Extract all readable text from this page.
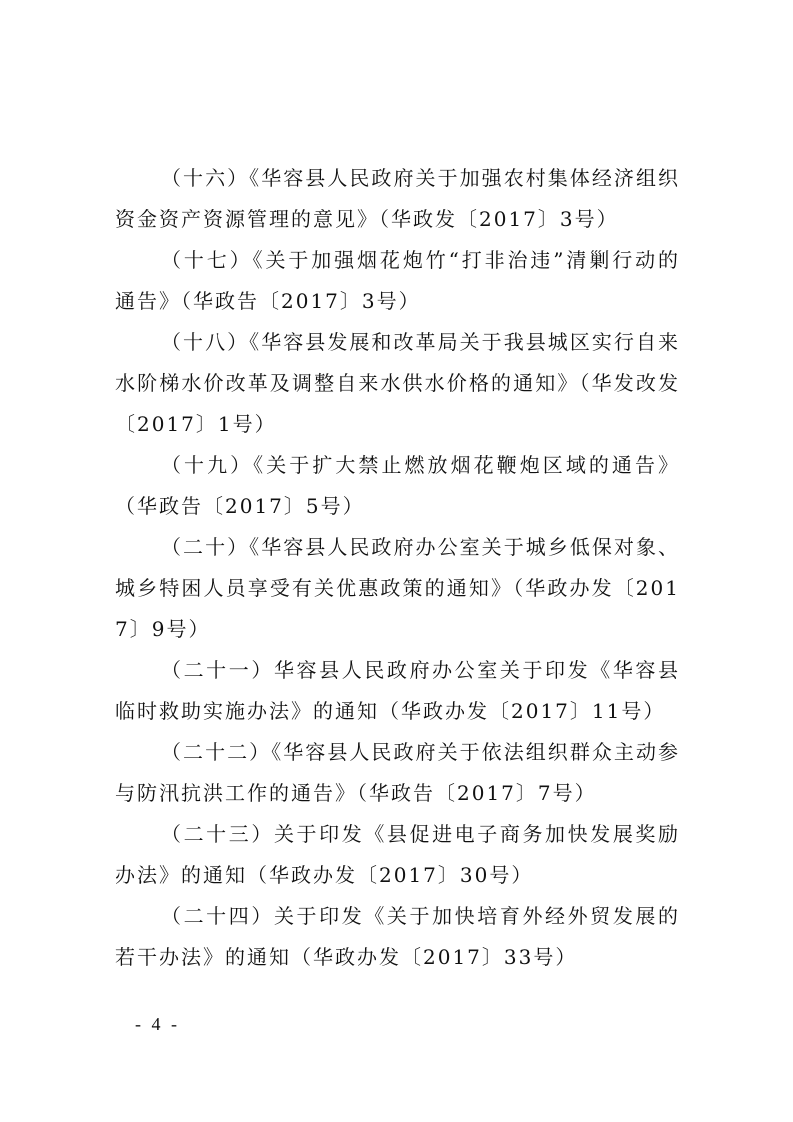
（十六）《华容县人民政府关于加强农村集体经济组织资金资产资源管理的意见》（华政发〔2017〕3号）

（十七）《关于加强烟花炮竹“打非治违”清剿行动的通告》（华政告〔2017〕3号）

（十八）《华容县发展和改革局关于我县城区实行自来水阶梯水价改革及调整自来水供水价格的通知》（华发改发〔2017〕1号）

（十九）《关于扩大禁止燃放烟花鞭炮区域的通告》（华政告〔2017〕5号）

（二十）《华容县人民政府办公室关于城乡低保对象、城乡特困人员享受有关优惠政策的通知》（华政办发〔2017〕9号）

（二十一）华容县人民政府办公室关于印发《华容县临时救助实施办法》的通知（华政办发〔2017〕11号）

（二十二）《华容县人民政府关于依法组织群众主动参与防汛抗洪工作的通告》（华政告〔2017〕7号）

（二十三）关于印发《县促进电子商务加快发展奖励办法》的通知（华政办发〔2017〕30号）

（二十四）关于印发《关于加快培育外经外贸发展的若干办法》的通知（华政办发〔2017〕33号）

- 4 -
